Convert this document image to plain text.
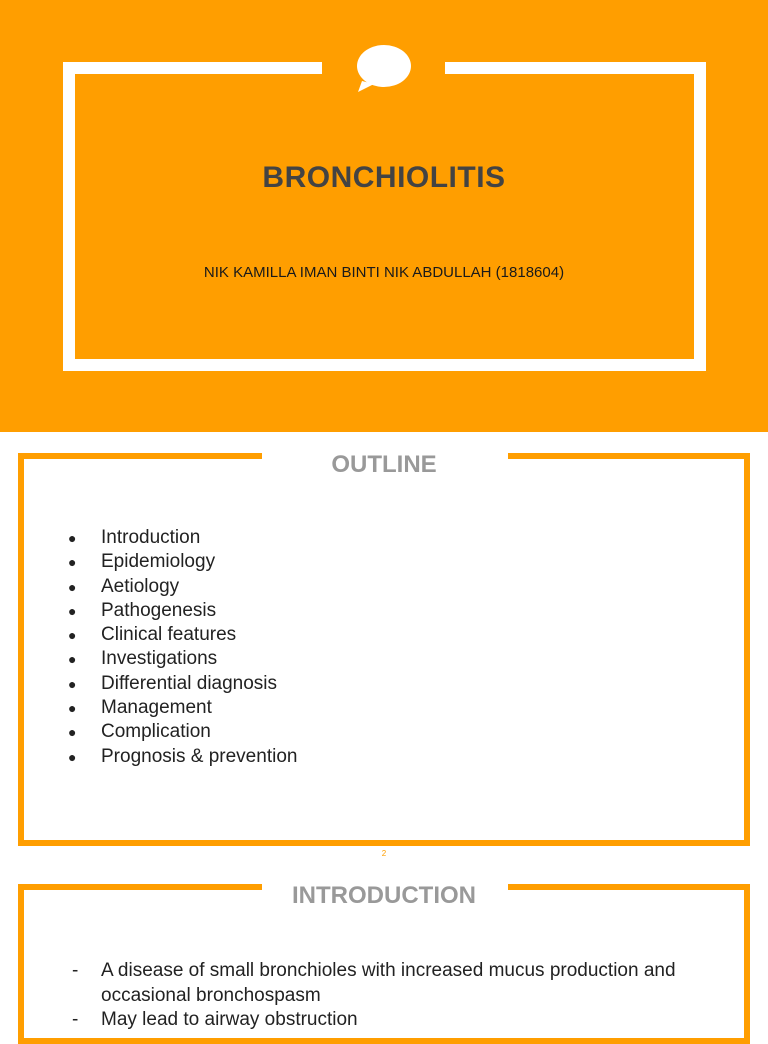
BRONCHIOLITIS
NIK KAMILLA IMAN BINTI NIK ABDULLAH (1818604)
OUTLINE
● Introduction
● Epidemiology
● Aetiology
● Pathogenesis
● Clinical features
● Investigations
● Differential diagnosis
● Management
● Complication
● Prognosis & prevention
2
INTRODUCTION
- A disease of small bronchioles with increased mucus production and occasional bronchospasm
- May lead to airway obstruction
